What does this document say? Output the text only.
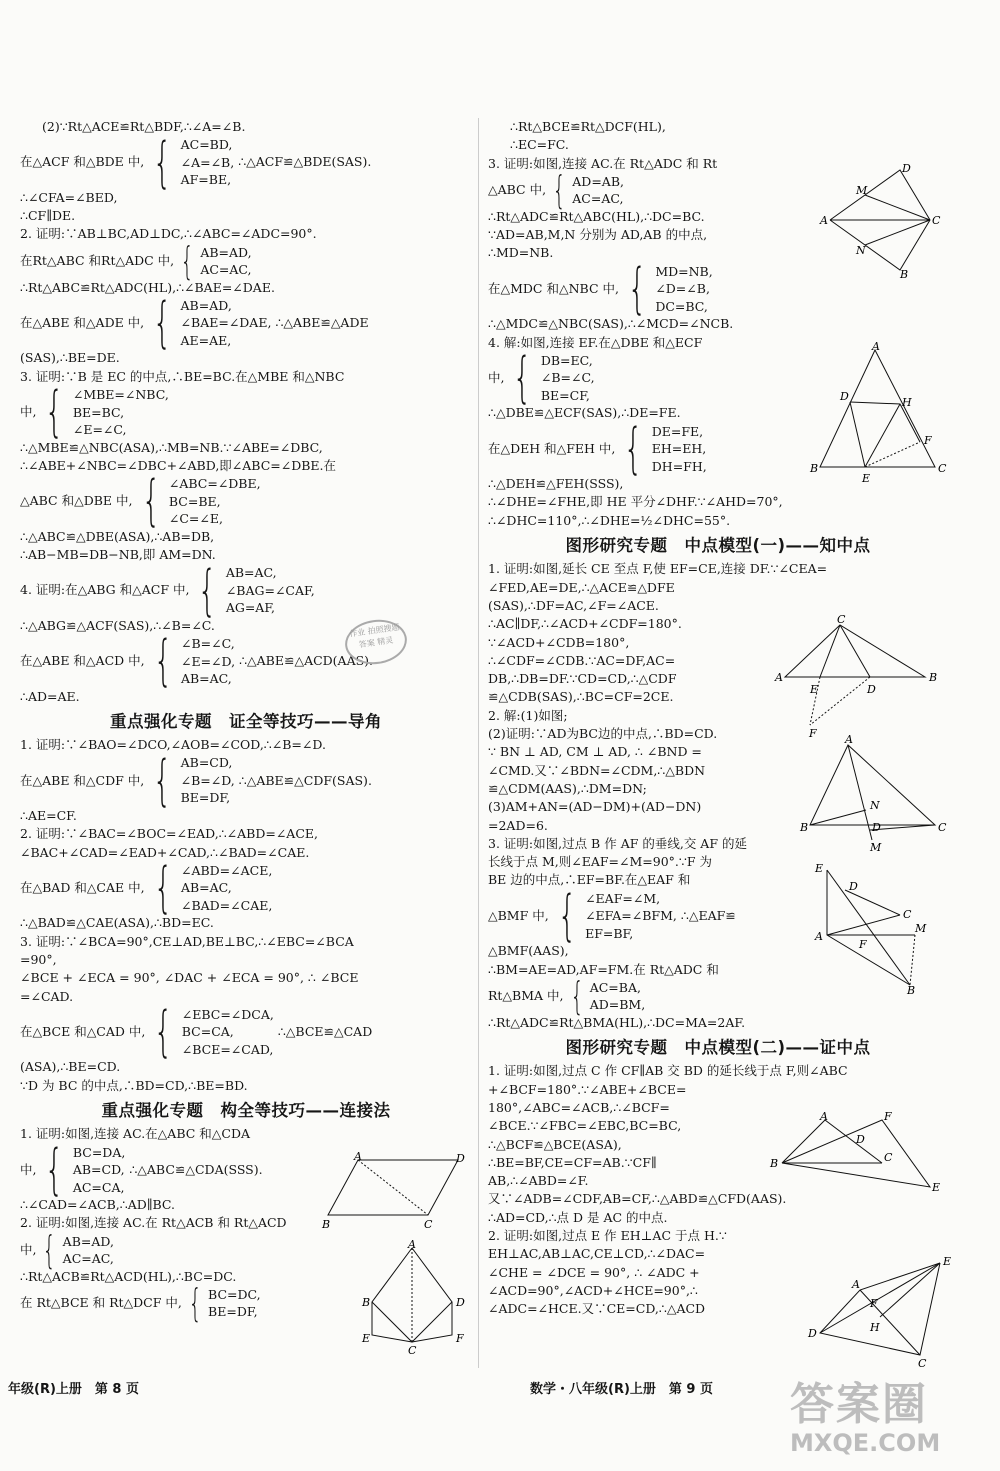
(2)∵Rt△ACE≌Rt△BDF,∴∠A=∠B.
在△ACF 和△BDE 中, { AC=BD,
∠A=∠B,
AF=BE,
∴△ACF≌△BDE(SAS).
∴∠CFA=∠BED,
∴CF∥DE.
2. 证明:∵AB⊥BC,AD⊥DC,∴∠ABC=∠ADC=90°.
在Rt△ABC 和Rt△ADC 中, { AB=AD,
AC=AC,
∴Rt△ABC≌Rt△ADC(HL),∴∠BAE=∠DAE.
在△ABE 和△ADE 中, { AB=AD,
∠BAE=∠DAE,
AE=AE,
∴△ABE≌△ADE
(SAS),∴BE=DE.
3. 证明:∵B 是 EC 的中点,∴BE=BC.在△MBE 和△NBC
中, { ∠MBE=∠NBC,
BE=BC,
∠E=∠C,
∴△MBE≌△NBC(ASA),∴MB=NB.∵∠ABE=∠DBC,
∴∠ABE+∠NBC=∠DBC+∠ABD,即∠ABC=∠DBE.在
△ABC 和△DBE 中, { ∠ABC=∠DBE,
BC=BE,
∠C=∠E,
∴△ABC≌△DBE(ASA),∴AB=DB,
∴AB−MB=DB−NB,即 AM=DN.
4. 证明:在△ABG 和△ACF 中, { AB=AC,
∠BAG=∠CAF,
AG=AF,
∴△ABG≌△ACF(SAS),∴∠B=∠C.
在△ABE 和△ACD 中, { ∠B=∠C,
∠E=∠D,
AB=AC,
∴△ABE≌△ACD(AAS).
∴AD=AE.
重点强化专题　证全等技巧——导角
1. 证明:∵∠BAO=∠DCO,∠AOB=∠COD,∴∠B=∠D.
在△ABE 和△CDF 中, { AB=CD,
∠B=∠D,
BE=DF,
∴△ABE≌△CDF(SAS).
∴AE=CF.
2. 证明:∵∠BAC=∠BOC=∠EAD,∴∠ABD=∠ACE,
∠BAC+∠CAD=∠EAD+∠CAD,∴∠BAD=∠CAE.
在△BAD 和△CAE 中, { ∠ABD=∠ACE,
AB=AC,
∠BAD=∠CAE,
∴△BAD≌△CAE(ASA),∴BD=EC.
3. 证明:∵∠BCA=90°,CE⊥AD,BE⊥BC,∴∠EBC=∠BCA
=90°,
∠BCE + ∠ECA = 90°, ∠DAC + ∠ECA = 90°, ∴ ∠BCE
=∠CAD.
在△BCE 和△CAD 中, { ∠EBC=∠DCA,
BC=CA,
∠BCE=∠CAD,
∴△BCE≌△CAD
(ASA),∴BE=CD.
∵D 为 BC 的中点,∴BD=CD,∴BE=BD.
重点强化专题　构全等技巧——连接法
1. 证明:如图,连接 AC.在△ABC 和△CDA
中, { BC=DA,
AB=CD,
AC=CA,
∴△ABC≌△CDA(SSS).
∴∠CAD=∠ACB,∴AD∥BC.
2. 证明:如图,连接 AC.在 Rt△ACB 和 Rt△ACD
中, { AB=AD,
AC=AC,
∴Rt△ACB≌Rt△ACD(HL),∴BC=DC.
在 Rt△BCE 和 Rt△DCF 中, { BC=DC,
BE=DF,
∴Rt△BCE≌Rt△DCF(HL),
∴EC=FC.
3. 证明:如图,连接 AC.在 Rt△ADC 和 Rt
△ABC 中, { AD=AB,
AC=AC,
∴Rt△ADC≌Rt△ABC(HL),∴DC=BC.
∵AD=AB,M,N 分别为 AD,AB 的中点,
∴MD=NB.
在△MDC 和△NBC 中, { MD=NB,
∠D=∠B,
DC=BC,
∴△MDC≌△NBC(SAS),∴∠MCD=∠NCB.
4. 解:如图,连接 EF.在△DBE 和△ECF
中, { DB=EC,
∠B=∠C,
BE=CF,
∴△DBE≌△ECF(SAS),∴DE=FE.
在△DEH 和△FEH 中, { DE=FE,
EH=EH,
DH=FH,
∴△DEH≌△FEH(SSS),
∴∠DHE=∠FHE,即 HE 平分∠DHF.∵∠AHD=70°,
∴∠DHC=110°,∴∠DHE=½∠DHC=55°.
图形研究专题　中点模型(一)——知中点
1. 证明:如图,延长 CE 至点 F,使 EF=CE,连接 DF.∵∠CEA=
∠FED,AE=DE,∴△ACE≌△DFE
(SAS),∴DF=AC,∠F=∠ACE.
∴AC∥DF,∴∠ACD+∠CDF=180°.
∵∠ACD+∠CDB=180°,
∴∠CDF=∠CDB.∵AC=DF,AC=
DB,∴DB=DF.∵CD=CD,∴△CDF
≌△CDB(SAS),∴BC=CF=2CE.
2. 解:(1)如图;
(2)证明:∵AD为BC边的中点,∴BD=CD.
∵ BN ⊥ AD, CM ⊥ AD, ∴ ∠BND =
∠CMD.又∵∠BDN=∠CDM,∴△BDN
≌△CDM(AAS),∴DM=DN;
(3)AM+AN=(AD−DM)+(AD−DN)
=2AD=6.
3. 证明:如图,过点 B 作 AF 的垂线,交 AF 的延
长线于点 M,则∠EAF=∠M=90°.∵F 为
BE 边的中点,∴EF=BF.在△EAF 和
△BMF 中, { ∠EAF=∠M,
∠EFA=∠BFM,
EF=BF,
∴△EAF≌
△BMF(AAS),
∴BM=AE=AD,AF=FM.在 Rt△ADC 和
Rt△BMA 中, { AC=BA,
AD=BM,
∴Rt△ADC≌Rt△BMA(HL),∴DC=MA=2AF.
图形研究专题　中点模型(二)——证中点
1. 证明:如图,过点 C 作 CF∥AB 交 BD 的延长线于点 F,则∠ABC
+∠BCF=180°.∵∠ABE+∠BCE=
180°,∠ABC=∠ACB,∴∠BCF=
∠BCE.∵∠FBC=∠EBC,BC=BC,
∴△BCF≌△BCE(ASA),
∴BE=BF,CE=CF=AB.∵CF∥
AB,∴∠ABD=∠F.
又∵∠ADB=∠CDF,AB=CF,∴△ABD≌△CFD(AAS).
∴AD=CD,∴点 D 是 AC 的中点.
2. 证明:如图,过点 E 作 EH⊥AC 于点 H.∵
EH⊥AC,AB⊥AC,CE⊥CD,∴∠DAC=
∠CHE = ∠DCE = 90°, ∴ ∠ADC +
∠ACD=90°,∠ACD+∠HCE=90°,∴
∠ADC=∠HCE.又∵CE=CD,∴△ACD
年级(R)上册　第 8 页	数学・八年级(R)上册　第 9 页
作业 拍照搜题 答案 精灵
答案圈
MXQE.COM
A
D
C
B
M
N
A
D	H
F
B
E
C
C
A	B
E	D
F	A
B	C
N
D
M
E
D
C
A
F
M
B
A	F
B	C
D
E
E
A
F
H
D
C
A	D
B	C
A
B	D
E	F
C
